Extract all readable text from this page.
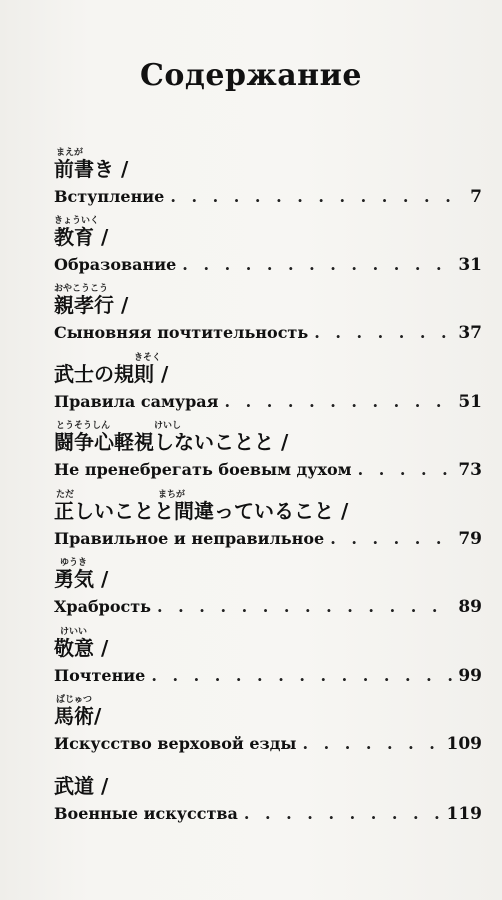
Содержание
まえが
前書き /
Вступление . . .	7
きょういく
教育 /
Образование . . .	31
おやこうこう
親孝行 /
Сыновняя почтительность . . .	37
きそく
武士の規則 /
Правила самурая . . .	51
とうそうしん	けいし
闘争心軽視しないことと /
Не пренебрегать боевым духом . . .	73
ただ	まちが
正しいことと間違っていること /
Правильное и неправильное . . .	79
ゆうき
勇気 /
Храбрость . . .	89
けいい
敬意 /
Почтение . . .	99
ばじゅつ
馬術/
Искусство верховой езды . . .	109
武道 /
Военные искусства . . .	119
